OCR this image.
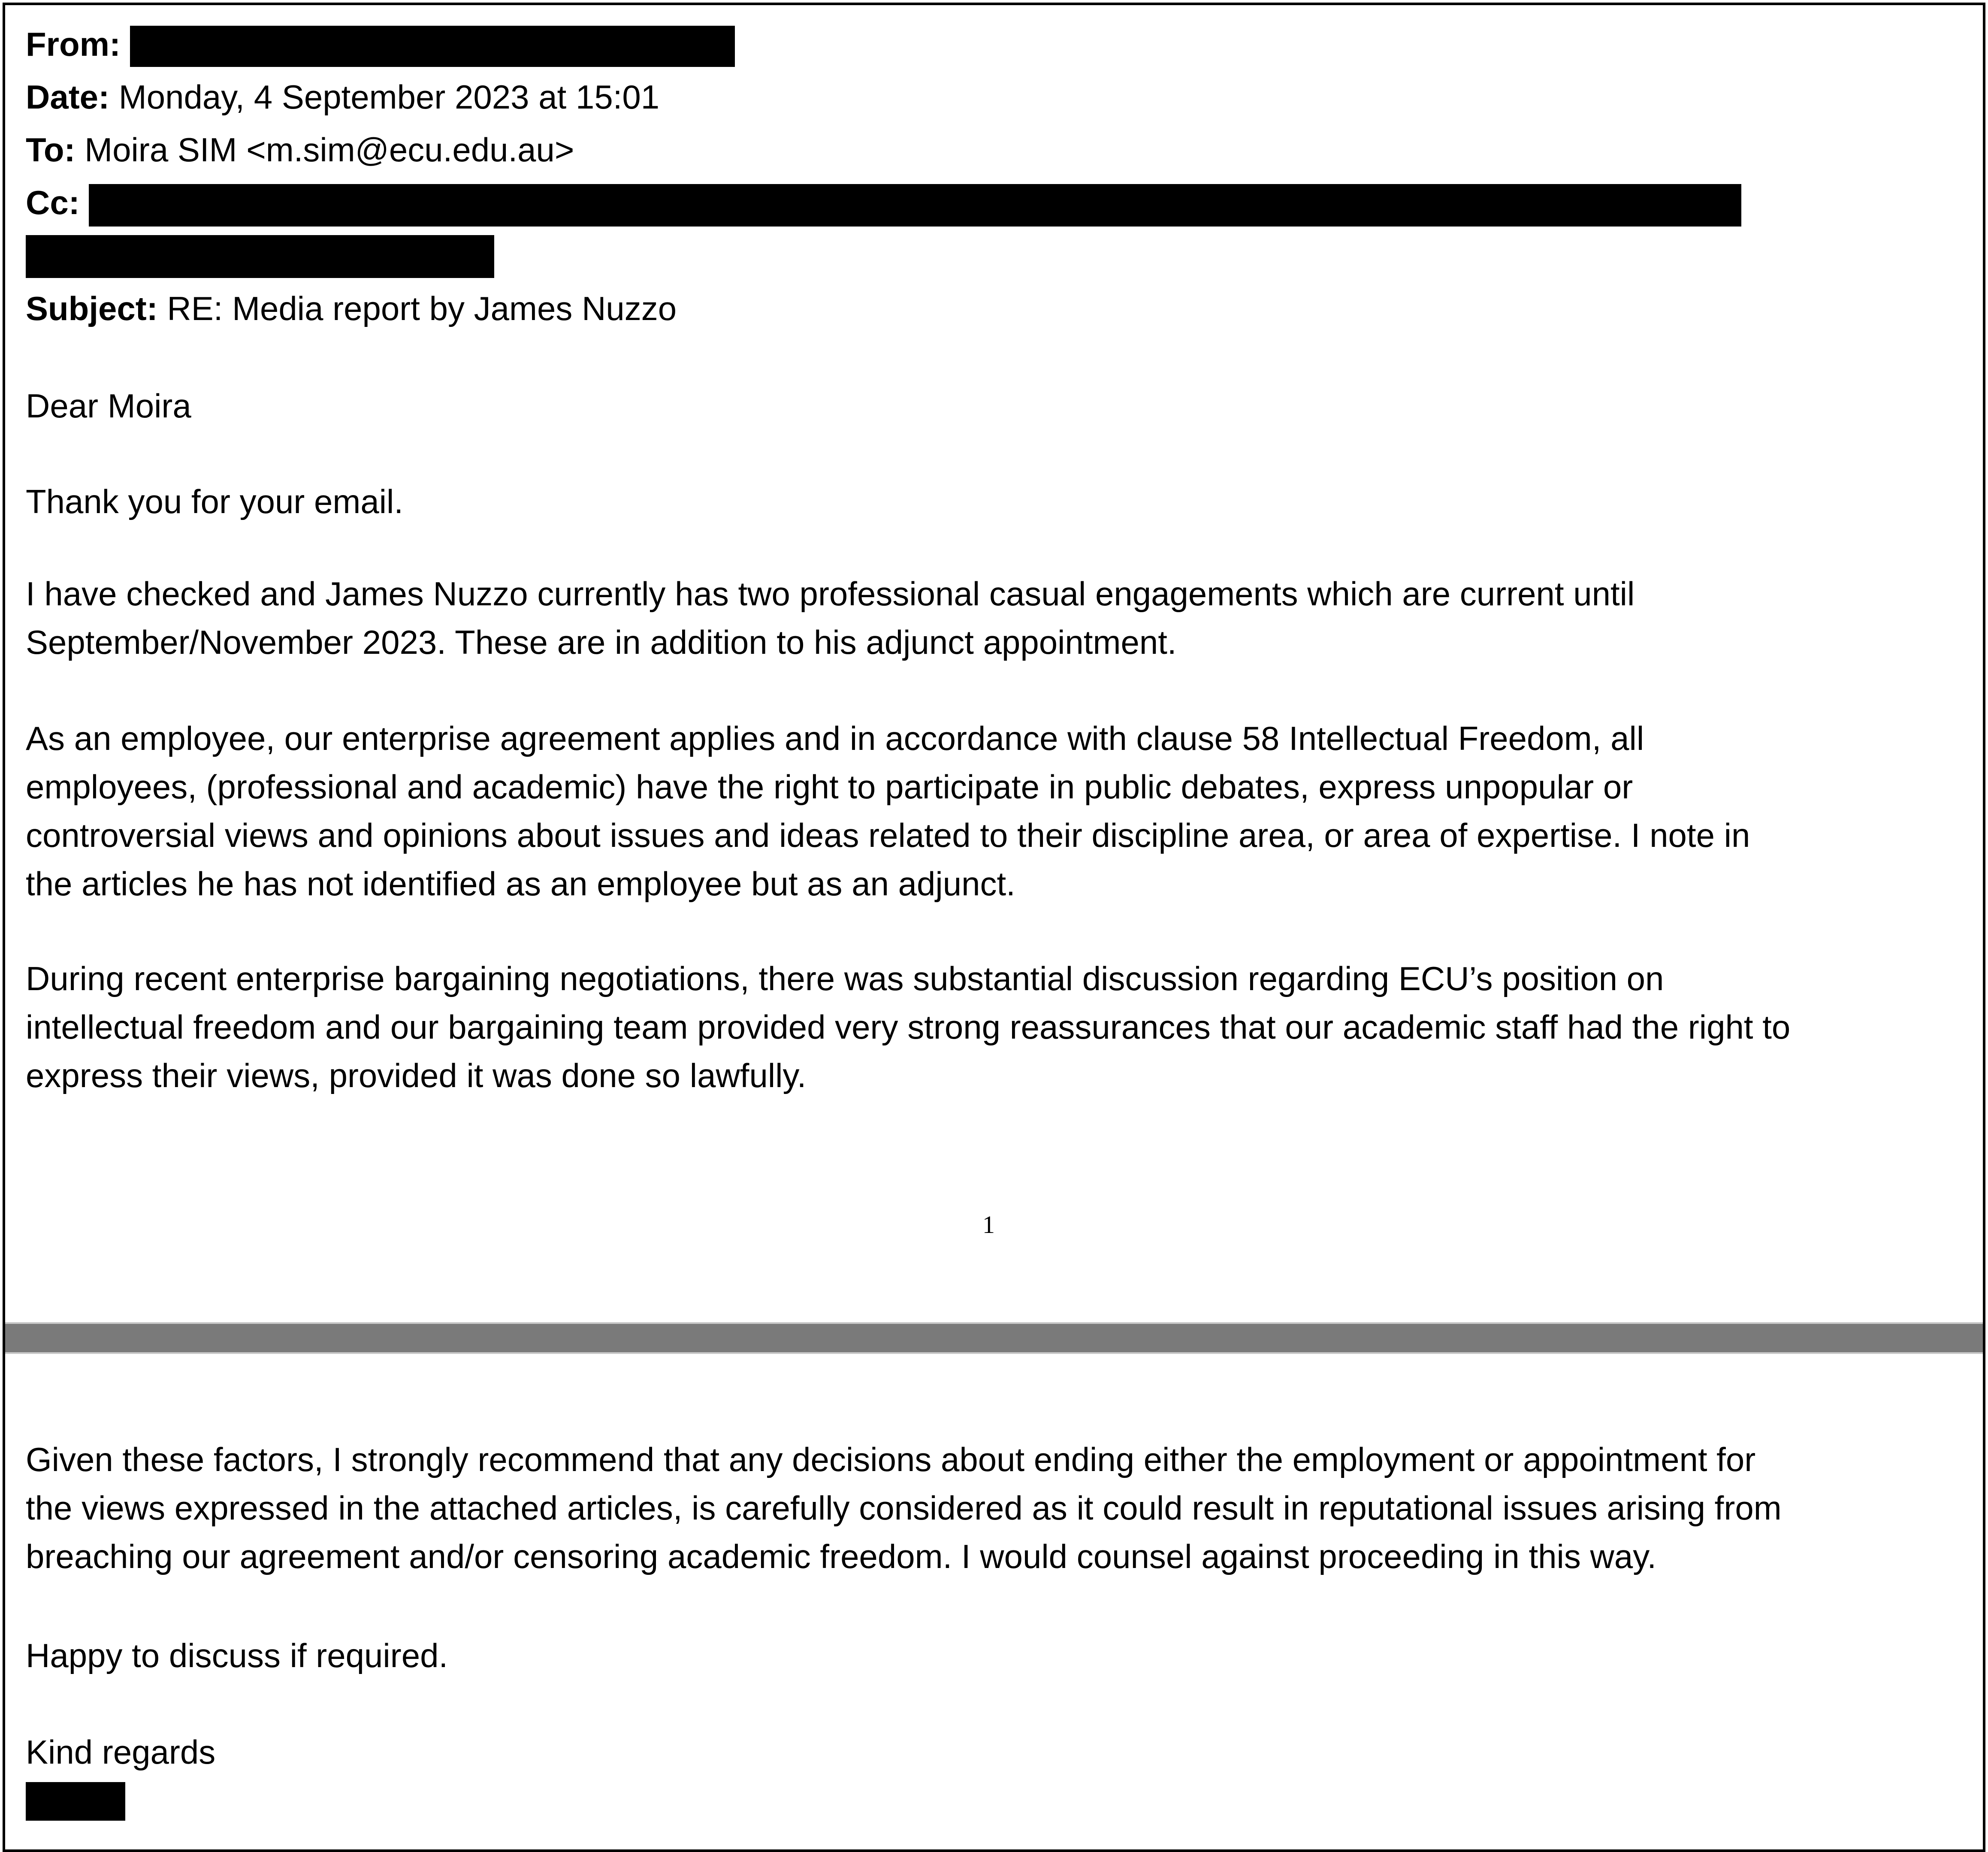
From:
Date: Monday, 4 September 2023 at 15:01
To: Moira SIM <m.sim@ecu.edu.au>
Cc:
Subject: RE: Media report by James Nuzzo
Dear Moira
Thank you for your email.
I have checked and James Nuzzo currently has two professional casual engagements which are current until
September/November 2023. These are in addition to his adjunct appointment.
As an employee, our enterprise agreement applies and in accordance with clause 58 Intellectual Freedom, all
employees, (professional and academic) have the right to participate in public debates, express unpopular or
controversial views and opinions about issues and ideas related to their discipline area, or area of expertise. I note in
the articles he has not identified as an employee but as an adjunct.
During recent enterprise bargaining negotiations, there was substantial discussion regarding ECU’s position on
intellectual freedom and our bargaining team provided very strong reassurances that our academic staff had the right to
express their views, provided it was done so lawfully.
1
Given these factors, I strongly recommend that any decisions about ending either the employment or appointment for
the views expressed in the attached articles, is carefully considered as it could result in reputational issues arising from
breaching our agreement and/or censoring academic freedom. I would counsel against proceeding in this way.
Happy to discuss if required.
Kind regards
